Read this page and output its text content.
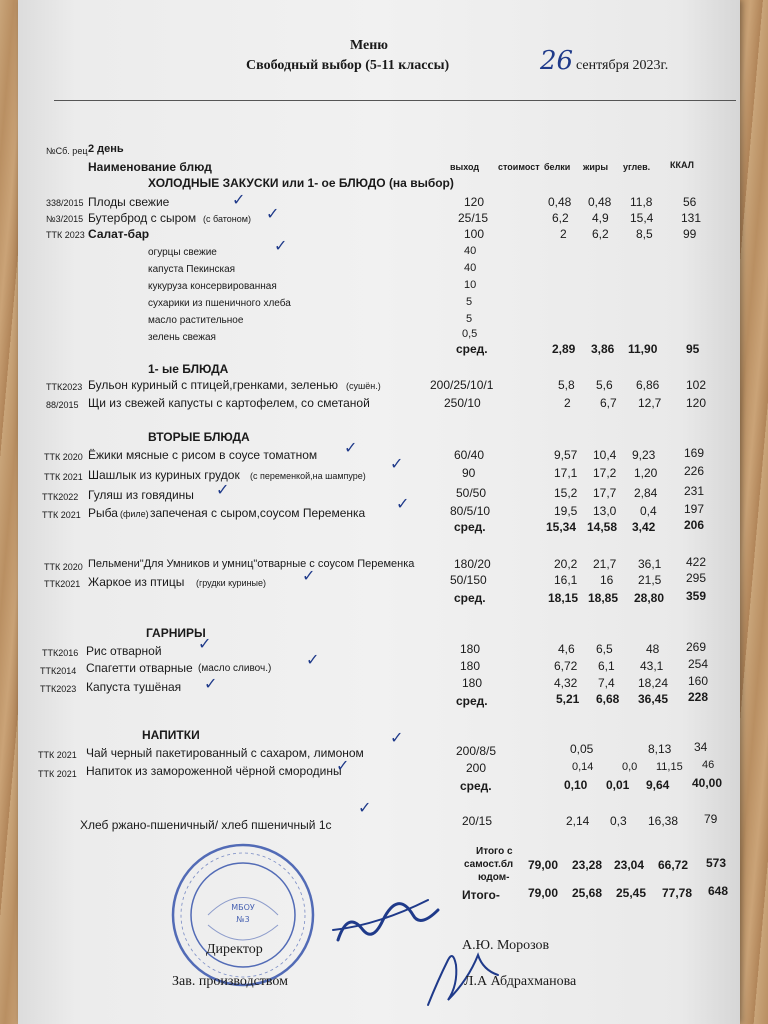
Меню
Свободный выбор (5-11 классы)	26 сентября 2023г.
№Сб. рец 2 день
Наименование блюд	выход стоимост белки жиры углев. ККАЛ
ХОЛОДНЫЕ ЗАКУСКИ или 1- ое БЛЮДО (на выбор)
338/2015 Плоды свежие	120	0,48 0,48 11,8	56
✓
№3/2015 Бутерброд с сыром (с батоном)	25/15	6,2 4,9 15,4 131
✓
ТТК 2023 Салат-бар	100	2 6,2 8,5	99
огурцы свежие	40
✓
капуста Пекинская	40
кукуруза консервированная	10
сухарики из пшеничного хлеба	5
масло растительное	5
зелень свежая	0,5
сред.	2,89 3,86 11,90 95
1- ые БЛЮДА
ТТК2023 Бульон куриный с птицей,гренками, зеленью (сушён.)	200/25/10/1	5,8 5,6 6,86 102
88/2015 Щи из свежей капусты с картофелем, со сметаной	250/10	2 6,7 12,7 120
ВТОРЫЕ БЛЮДА
ТТК 2020 Ёжики мясные с рисом в соусе томатном	60/40	9,57 10,4 9,23 169
✓
ТТК 2021 Шашлык из куриных грудок (с переменкой,на шампуре)	90	17,1 17,2 1,20 226
✓
ТТК2022 Гуляш из говядины	50/50	15,2 17,7 2,84 231
✓
ТТК 2021 Рыба (филе) запеченая с сыром,соусом Переменка	80/5/10	19,5 13,0 0,4 197
✓
сред.	15,34 14,58 3,42 206
ТТК 2020 Пельмени"Для Умников и умниц"отварные с соусом Переменка	180/20	20,2 21,7 36,1 422
ТТК2021 Жаркое из птицы (грудки куриные)	50/150	16,1 16 21,5 295
✓
сред.	18,15 18,85 28,80 359
ГАРНИРЫ
ТТК2016 Рис отварной	180	4,6 6,5	48 269
✓
ТТК2014 Спагетти отварные (масло сливоч.)	180	6,72 6,1 43,1 254
✓
ТТК2023 Капуста тушёная	180	4,32 7,4 18,24 160
✓
сред.	5,21 6,68 36,45 228
НАПИТКИ
ТТК 2021 Чай черный пакетированный с сахаром, лимоном	200/8/5	0,05	8,13 34
✓
ТТК 2021 Напиток из замороженной чёрной смородины	200	0,14	0,0 11,15 46
✓
сред.	0,10 0,01 9,64 40,00
Хлеб ржано-пшеничный/ хлеб пшеничный 1с	20/15	2,14 0,3 16,38 79
✓
Итого с
самост.бл
юдом-
79,00 23,28 23,04 66,72 573
Итого- 79,00 25,68 25,45 77,78 648
МБОУ
№3
Директор	А.Ю. Морозов
Зав. производством	Л.А Абдрахманова
